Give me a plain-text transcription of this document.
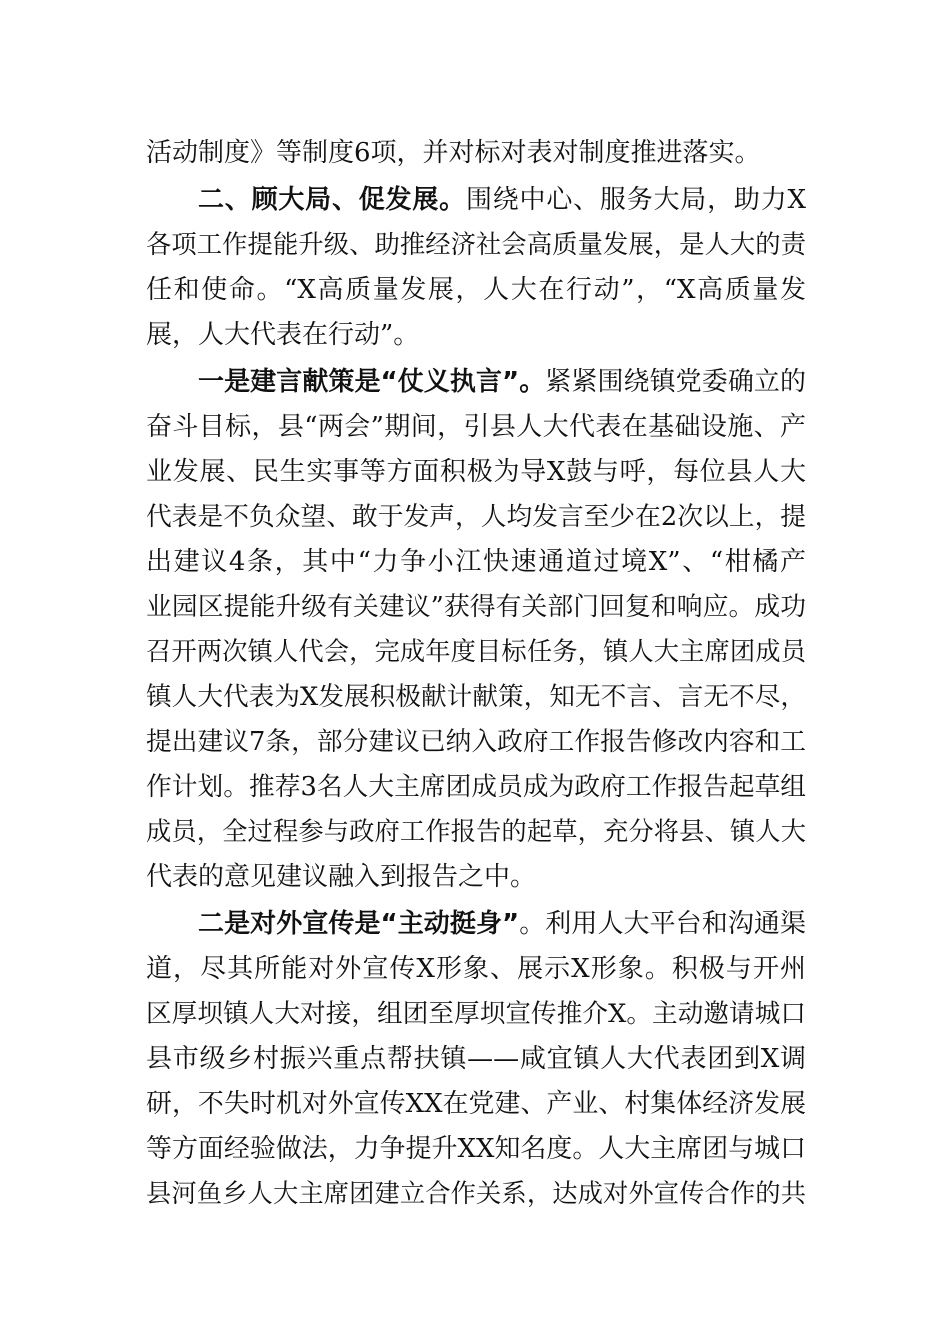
活动制度》等制度6项，并对标对表对制度推进落实。
二、顾大局、促发展。围绕中心、服务大局，助力X
各项工作提能升级、助推经济社会高质量发展，是人大的责
任和使命。“X高质量发展，人大在行动”，“X高质量发
展，人大代表在行动”。
一是建言献策是“仗义执言”。紧紧围绕镇党委确立的
奋斗目标，县“两会”期间，引县人大代表在基础设施、产
业发展、民生实事等方面积极为导X鼓与呼，每位县人大
代表是不负众望、敢于发声，人均发言至少在2次以上，提
出建议4条，其中“力争小江快速通道过境X”、“柑橘产
业园区提能升级有关建议”获得有关部门回复和响应。成功
召开两次镇人代会，完成年度目标任务，镇人大主席团成员
镇人大代表为X发展积极献计献策，知无不言、言无不尽，
提出建议7条，部分建议已纳入政府工作报告修改内容和工
作计划。推荐3名人大主席团成员成为政府工作报告起草组
成员，全过程参与政府工作报告的起草，充分将县、镇人大
代表的意见建议融入到报告之中。
二是对外宣传是“主动挺身”。利用人大平台和沟通渠
道，尽其所能对外宣传X形象、展示X形象。积极与开州
区厚坝镇人大对接，组团至厚坝宣传推介X。主动邀请城口
县市级乡村振兴重点帮扶镇——咸宜镇人大代表团到X调
研，不失时机对外宣传XX在党建、产业、村集体经济发展
等方面经验做法，力争提升XX知名度。人大主席团与城口
县河鱼乡人大主席团建立合作关系，达成对外宣传合作的共
